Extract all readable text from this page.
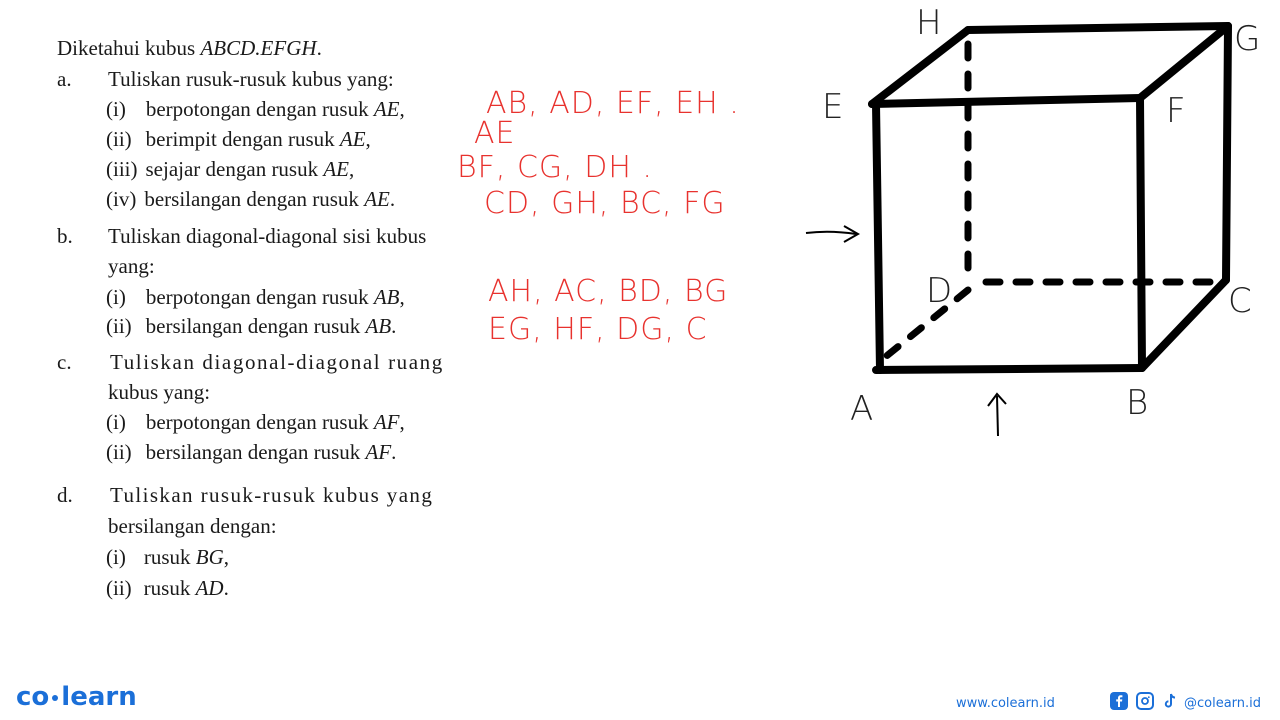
Diketahui kubus ABCD.EFGH.
a. Tuliskan rusuk-rusuk kubus yang:
(i) berpotongan dengan rusuk AE,
(ii) berimpit dengan rusuk AE,
(iii) sejajar dengan rusuk AE,
(iv) bersilangan dengan rusuk AE.
b. Tuliskan diagonal-diagonal sisi kubus
yang:
(i) berpotongan dengan rusuk AB,
(ii) bersilangan dengan rusuk AB.
c. Tuliskan diagonal-diagonal ruang
kubus yang:
(i) berpotongan dengan rusuk AF,
(ii) bersilangan dengan rusuk AF.
d. Tuliskan rusuk-rusuk kubus yang
bersilangan dengan:
(i) rusuk BG,
(ii) rusuk AD.
AB, AD, EF, EH .
AE
BF, CG, DH .
CD, GH, BC, FG
AH, AC, BD, BG
EG, HF, DG, C
A	B
C
D
E	F
G
H
co learn	www.colearn.id	@colearn.id
